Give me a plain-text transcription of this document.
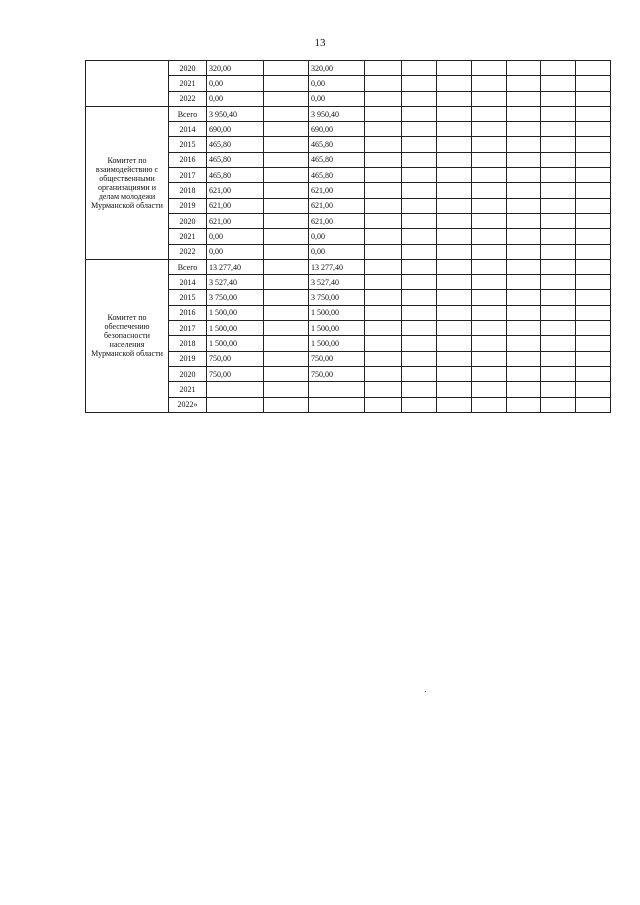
13
	2020	320,00		320,00							
	2021	0,00		0,00							
	2022	0,00		0,00							
Комитет по взаимодействию с общественными организациями и делам молодежи Мурманской области	Всего	3 950,40		3 950,40							
	2014	690,00		690,00							
	2015	465,80		465,80							
	2016	465,80		465,80							
	2017	465,80		465,80							
	2018	621,00		621,00							
	2019	621,00		621,00							
	2020	621,00		621,00							
	2021	0,00		0,00							
	2022	0,00		0,00							
Комитет по обеспечению безопасности населения Мурманской области	Всего	13 277,40		13 277,40							
	2014	3 527,40		3 527,40							
	2015	3 750,00		3 750,00							
	2016	1 500,00		1 500,00							
	2017	1 500,00		1 500,00							
	2018	1 500,00		1 500,00							
	2019	750,00		750,00							
	2020	750,00		750,00							
	2021										
	2022»										
